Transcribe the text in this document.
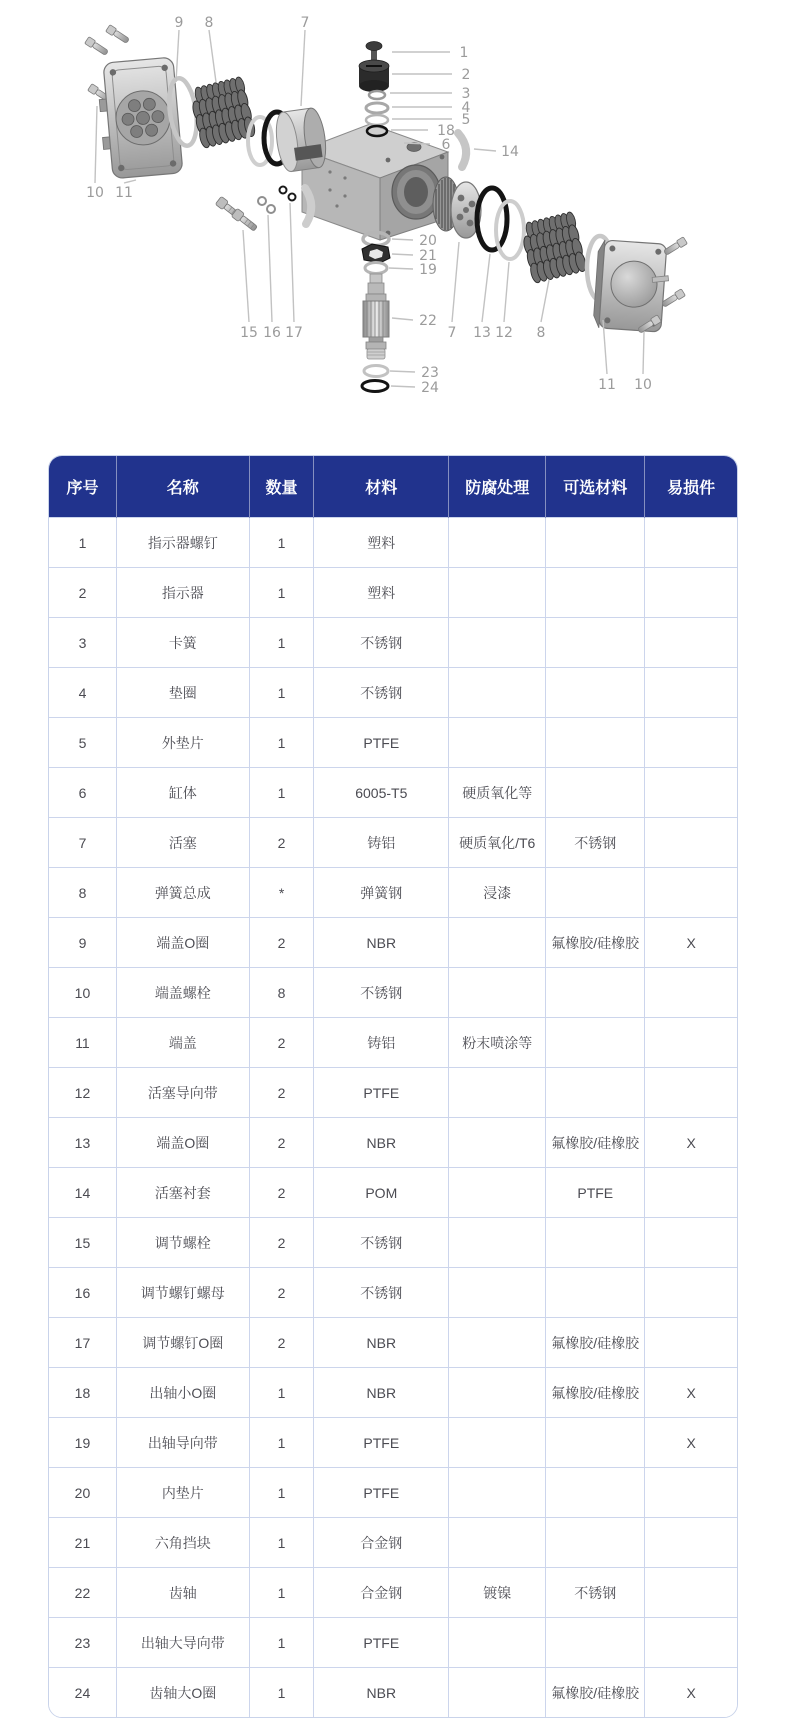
9 8	7
1
2
3
4
5
18
6	14
10 11
20
21
19
22
23
24
15 16 17	7 13 12 8
11 10
序号	名称	数量	材料	防腐处理	可选材料	易损件
1	指示器螺钉	1	塑料			
2	指示器	1	塑料			
3	卡簧	1	不锈钢			
4	垫圈	1	不锈钢			
5	外垫片	1	PTFE			
6	缸体	1	6005-T5	硬质氧化等		
7	活塞	2	铸铝	硬质氧化/T6	不锈钢	
8	弹簧总成	*	弹簧钢	浸漆		
9	端盖O圈	2	NBR		氟橡胶/硅橡胶	X
10	端盖螺栓	8	不锈钢			
11	端盖	2	铸铝	粉末喷涂等		
12	活塞导向带	2	PTFE			
13	端盖O圈	2	NBR		氟橡胶/硅橡胶	X
14	活塞衬套	2	POM		PTFE	
15	调节螺栓	2	不锈钢			
16	调节螺钉螺母	2	不锈钢			
17	调节螺钉O圈	2	NBR		氟橡胶/硅橡胶	
18	出轴小O圈	1	NBR		氟橡胶/硅橡胶	X
19	出轴导向带	1	PTFE			X
20	内垫片	1	PTFE			
21	六角挡块	1	合金钢			
22	齿轴	1	合金钢	镀镍	不锈钢	
23	出轴大导向带	1	PTFE			
24	齿轴大O圈	1	NBR		氟橡胶/硅橡胶	X
